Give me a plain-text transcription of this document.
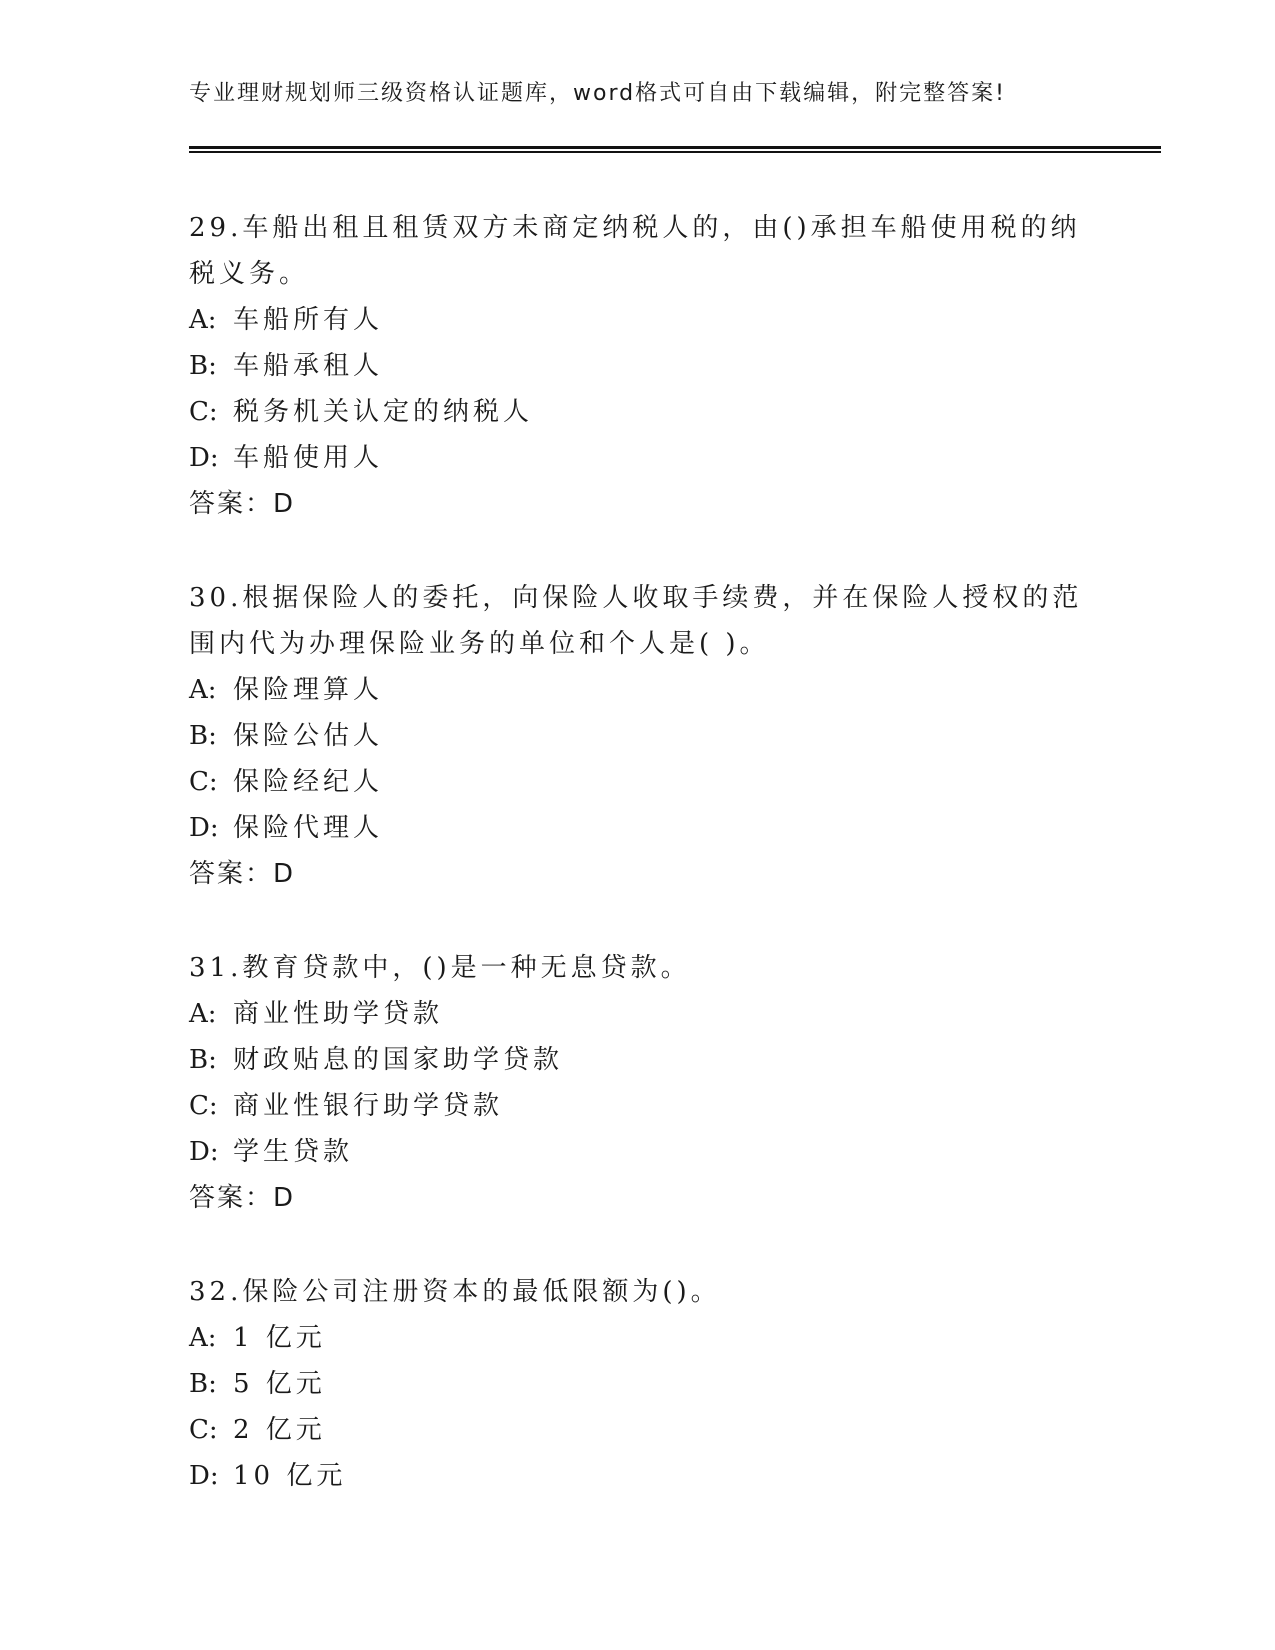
专业理财规划师三级资格认证题库，word格式可自由下载编辑，附完整答案!

29.车船出租且租赁双方未商定纳税人的，由()承担车船使用税的纳税义务。

A: 车船所有人
B: 车船承租人
C: 税务机关认定的纳税人
D: 车船使用人
答案：D

30.根据保险人的委托，向保险人收取手续费，并在保险人授权的范围内代为办理保险业务的单位和个人是( )。

A: 保险理算人
B: 保险公估人
C: 保险经纪人
D: 保险代理人
答案：D

31.教育贷款中，()是一种无息贷款。

A: 商业性助学贷款
B: 财政贴息的国家助学贷款
C: 商业性银行助学贷款
D: 学生贷款
答案：D

32.保险公司注册资本的最低限额为()。

A: 1 亿元
B: 5 亿元
C: 2 亿元
D: 10 亿元
